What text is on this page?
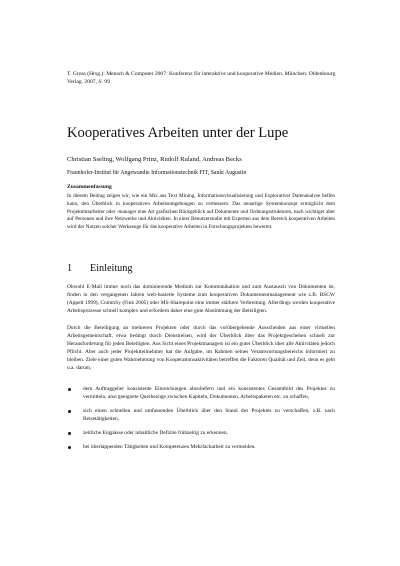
T. Gross (Hrsg.): Mensch & Computer 2007: Konferenz für interaktive und kooperative Medien. München: Oldenbourg Verlag. 2007, S. 99
Kooperatives Arbeiten unter der Lupe
Christian Sseling, Wolfgang Prinz, Rudolf Ruland, Andreas Becks
Fraunhofer-Institut für Angewandte Informationstechnik FIT, Sankt Augustin
Zusammenfassung
In diesem Beitrag zeigen wir, wie ein Mix aus Text Mining, Informationsvisualisierung und Explorativer Datenanalyse helfen kann, den Überblick in kooperativen Arbeitsumgebungen zu verbessern. Das neuartige Systemkonzept ermöglicht dem Projektmitarbeiter oder -manager eine Art grafischen Rückgeblick auf Dokumente und Ordnungsstrukturen, nach wichtiger aber auf Personen und ihre Netzwerke und Aktivitäten. In einer Benutzerstudie mit Experten aus dem Bereich kooperativen Arbeiten wird der Nutzen solcher Werkzeuge für das kooperative Arbeiten in Forschungsprojekten bewertet.
1 Einleitung

Obwohl E-Mail immer noch das dominierende Medium zur Kommunikation und zum Austausch von Dokumenten ist, finden in den vergangenen Jahren web-basierte Systeme zum kooperativen Dokumentenmanagement wie z.B. BSCW (Appelt 1999), CommSy (Fink 2005) oder MS-Sharepoint eine immer stärkere Verbreitung. Allerdings werden kooperative Arbeitsprozesse schnell komplex und erfordern daher eine gute Abstimmung der Beteiligten.

Durch die Beteiligung an mehreren Projekten oder durch das vorübergehende Ausscheiden aus einer virtuellen Arbeitsgemeinschaft, etwa bedingt durch Dienstreisen, wird der Überblick über das Projektgeschehen schnell zur Herausforderung für jeden Beteiligten. Aus Sicht eines Projektmanagers ist ein guter Überblick über alle Aktivitäten jedoch Pflicht. Aber auch jeder Projektteilnehmer hat die Aufgabe, im Rahmen seines Verantwortungsbereichs informiert zu bleiben. Ziele einer guten Wahrnehmung von Kooperationsaktivitäten betreffen die Faktoren Qualität und Zeit, denn es geht u.a. darum,

dem Auftraggeber konsistente Einreichungen abzuliefern und ein konsistentes Gesamtbild des Projektes zu vermitteln, also geeignete Querbezüge zwischen Kapiteln, Dokumenten, Arbeitspaketen etc. zu schaffen,
sich einen schnellen und umfassenden Überblick über den Stand des Projektes zu verschaffen, z.B. nach Reisetätigkeiten,
zeitliche Engpässe oder inhaltliche Defizite frühzeitig zu erkennen,
bei überlappenden Tätigkeiten und Kompetenzen Mehrfacharbeit zu vermeiden.
